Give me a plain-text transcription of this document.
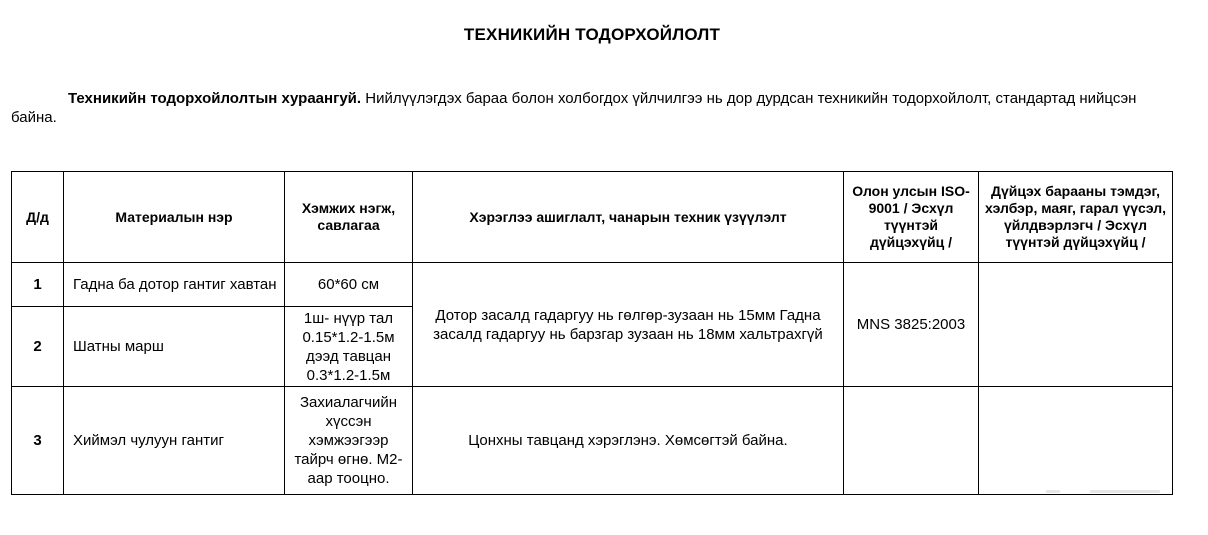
ТЕХНИКИЙН ТОДОРХОЙЛОЛТ
Техникийн тодорхойлолтын хураангуй. Нийлүүлэгдэх бараа болон холбогдох үйлчилгээ нь дор дурдсан техникийн тодорхойлолт, стандартад нийцсэн байна.
Д/д	Материалын нэр	Хэмжих нэгж, савлагаа	Хэрэглээ ашиглалт, чанарын техник үзүүлэлт	Олон улсын ISO-9001 / Эсхүл түүнтэй дүйцэхүйц /	Дүйцэх барааны тэмдэг, хэлбэр, маяг, гарал үүсэл, үйлдвэрлэгч / Эсхүл түүнтэй дүйцэхүйц /
1	Гадна ба дотор гантиг хавтан	60*60 см	Дотор засалд гадаргуу нь гөлгөр-зузаан нь 15мм Гадна засалд гадаргуу нь барзгар зузаан нь 18мм хальтрахгүй	MNS 3825:2003	
2	Шатны марш	1ш- нүүр тал 0.15*1.2-1.5м дээд тавцан 0.3*1.2-1.5м			
3	Хиймэл чулуун гантиг	Захиалагчийн хүссэн хэмжээгээр тайрч өгнө. М2-аар тооцно.	Цонхны тавцанд хэрэглэнэ. Хөмсөгтэй байна.		
